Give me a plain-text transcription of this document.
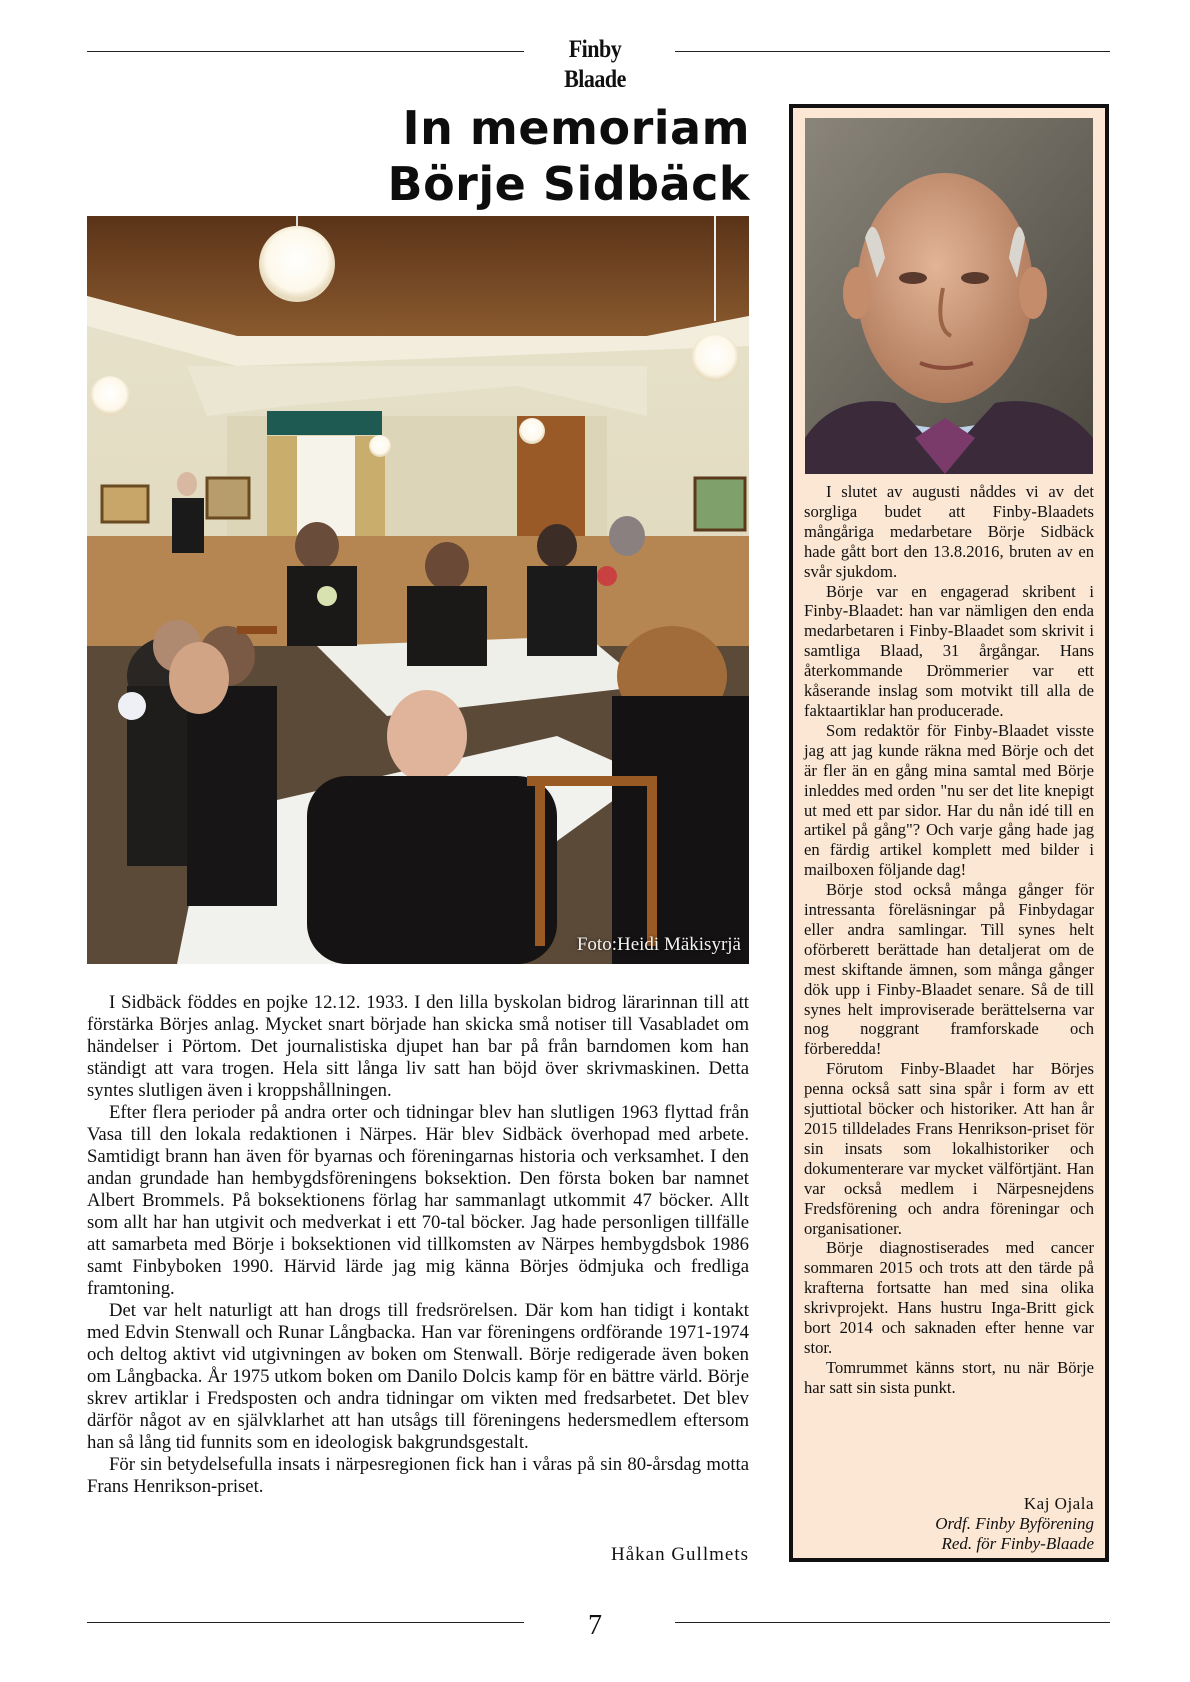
Finby Blaade
In memoriam
Börje Sidbäck
Foto:Heidi Mäkisyrjä

I Sidbäck föddes en pojke 12.12. 1933. I den lilla byskolan bidrog lärarinnan till att förstärka Börjes anlag. Mycket snart började han skicka små notiser till Vasabladet om händelser i Pörtom. Det journalistiska djupet han bar på från barndomen kom han ständigt att vara trogen. Hela sitt långa liv satt han böjd över skrivmaskinen. Detta syntes slutligen även i kroppshållningen.

Efter flera perioder på andra orter och tidningar blev han slutligen 1963 flyttad från Vasa till den lokala redaktionen i Närpes. Här blev Sidbäck överhopad med arbete. Samtidigt brann han även för byarnas och föreningarnas historia och verksamhet. I den andan grundade han hembygdsföreningens boksektion. Den första boken bar namnet Albert Brommels. På boksektionens förlag har sammanlagt utkommit 47 böcker. Allt som allt har han utgivit och medverkat i ett 70-tal böcker. Jag hade personligen tillfälle att samarbeta med Börje i boksektionen vid tillkomsten av Närpes hembygdsbok 1986 samt Finbyboken 1990. Härvid lärde jag mig känna Börjes ödmjuka och fredliga framtoning.

Det var helt naturligt att han drogs till fredsrörelsen. Där kom han tidigt i kontakt med Edvin Stenwall och Runar Långbacka. Han var föreningens ordförande 1971-1974 och deltog aktivt vid utgivningen av boken om Stenwall. Börje redigerade även boken om Långbacka. År 1975 utkom boken om Danilo Dolcis kamp för en bättre värld. Börje skrev artiklar i Fredsposten och andra tidningar om vikten med fredsarbetet. Det blev därför något av en självklarhet att han utsågs till föreningens hedersmedlem eftersom han så lång tid funnits som en ideologisk bakgrundsgestalt.

För sin betydelsefulla insats i närpesregionen fick han i våras på sin 80-årsdag motta Frans Henrikson-priset.

Håkan Gullmets

I slutet av augusti nåddes vi av det sorgliga budet att Finby-Blaadets mångåriga medarbetare Börje Sidbäck hade gått bort den 13.8.2016, bruten av en svår sjukdom.

Börje var en engagerad skribent i Finby-Blaadet: han var nämligen den enda medarbetaren i Finby-Blaadet som skrivit i samtliga Blaad, 31 årgångar. Hans återkommande Drömmerier var ett kåserande inslag som motvikt till alla de faktaartiklar han producerade.

Som redaktör för Finby-Blaadet visste jag att jag kunde räkna med Börje och det är fler än en gång mina samtal med Börje inleddes med orden "nu ser det lite knepigt ut med ett par sidor. Har du nån idé till en artikel på gång"? Och varje gång hade jag en färdig artikel komplett med bilder i mailboxen följande dag!

Börje stod också många gånger för intressanta föreläsningar på Finbydagar eller andra samlingar. Till synes helt oförberett berättade han detaljerat om de mest skiftande ämnen, som många gånger dök upp i Finby-Blaadet senare. Så de till synes helt improviserade berättelserna var nog noggrant framforskade och förberedda!

Förutom Finby-Blaadet har Börjes penna också satt sina spår i form av ett sjuttiotal böcker och historiker. Att han år 2015 tilldelades Frans Henrikson-priset för sin insats som lokalhistoriker och dokumenterare var mycket välförtjänt. Han var också medlem i Närpesnejdens Fredsförening och andra föreningar och organisationer.

Börje diagnostiserades med cancer sommaren 2015 och trots att den tärde på krafterna fortsatte han med sina olika skrivprojekt. Hans hustru Inga-Britt gick bort 2014 och saknaden efter henne var stor.

Tomrummet känns stort, nu när Börje har satt sin sista punkt.

Kaj Ojala
Ordf. Finby Byförening
Red. för Finby-Blaade
7
